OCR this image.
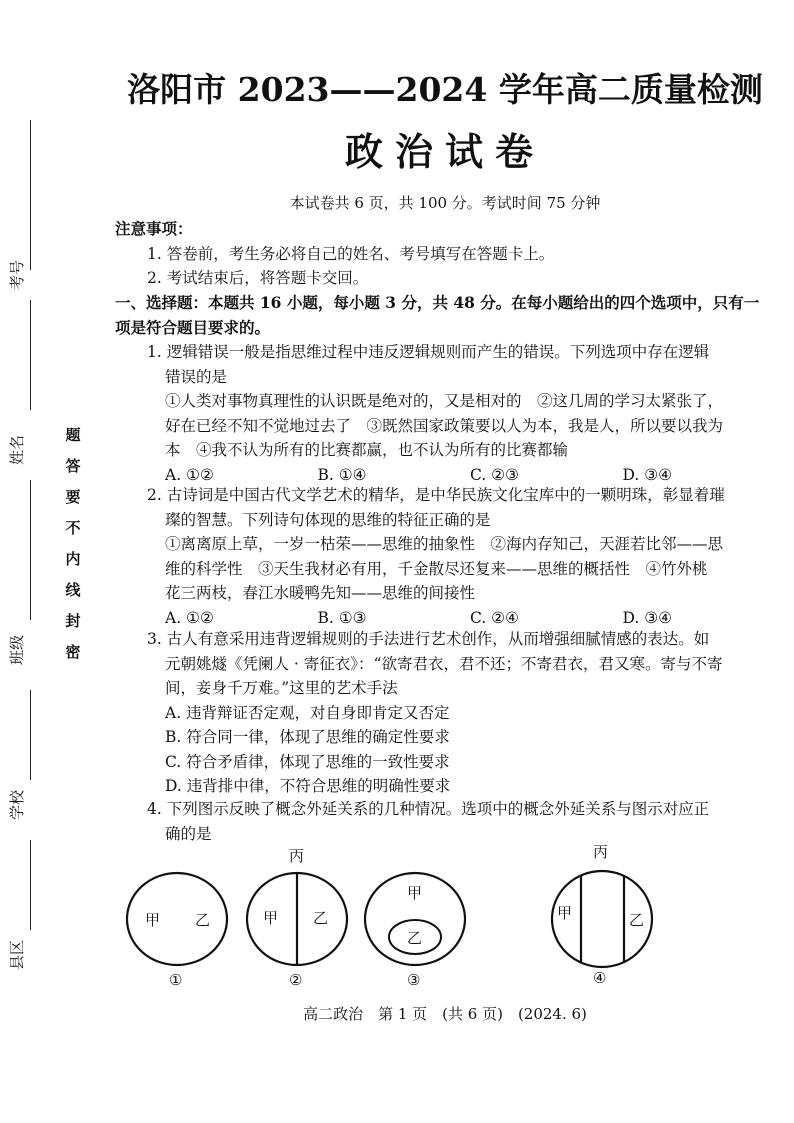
考号
姓名
班级
学校
县区
题
答
要
不
内
线
封
密
洛阳市 2023——2024 学年高二质量检测
政治试卷
本试卷共 6 页，共 100 分。考试时间 75 分钟
注意事项：
1. 答卷前，考生务必将自己的姓名、考号填写在答题卡上。
2. 考试结束后，将答题卡交回。
一、选择题：本题共 16 小题，每小题 3 分，共 48 分。在每小题给出的四个选项中，只有一
项是符合题目要求的。
1. 逻辑错误一般是指思维过程中违反逻辑规则而产生的错误。下列选项中存在逻辑
错误的是
①人类对事物真理性的认识既是绝对的，又是相对的　②这几周的学习太紧张了，
好在已经不知不觉地过去了　③既然国家政策要以人为本，我是人，所以要以我为
本　④我不认为所有的比赛都赢，也不认为所有的比赛都输
A. ①②	B. ①④	C. ②③	D. ③④
2. 古诗词是中国古代文学艺术的精华，是中华民族文化宝库中的一颗明珠，彰显着璀
璨的智慧。下列诗句体现的思维的特征正确的是
①离离原上草，一岁一枯荣——思维的抽象性　②海内存知己，天涯若比邻——思
维的科学性　③天生我材必有用，千金散尽还复来——思维的概括性　④竹外桃
花三两枝，春江水暖鸭先知——思维的间接性
A. ①②	B. ①③	C. ②④	D. ③④
3. 古人有意采用违背逻辑规则的手法进行艺术创作，从而增强细腻情感的表达。如
元朝姚燧《凭阑人 · 寄征衣》：“欲寄君衣，君不还；不寄君衣，君又寒。寄与不寄
间，妾身千万难。”这里的艺术手法
A. 违背辩证否定观，对自身即肯定又否定
B. 符合同一律，体现了思维的确定性要求
C. 符合矛盾律，体现了思维的一致性要求
D. 违背排中律，不符合思维的明确性要求
4. 下列图示反映了概念外延关系的几种情况。选项中的概念外延关系与图示对应正
确的是
甲 乙
①
丙
甲 乙
②
甲
乙
③
丙
甲	乙
④
高二政治　第 1 页　(共 6 页)　(2024. 6)
